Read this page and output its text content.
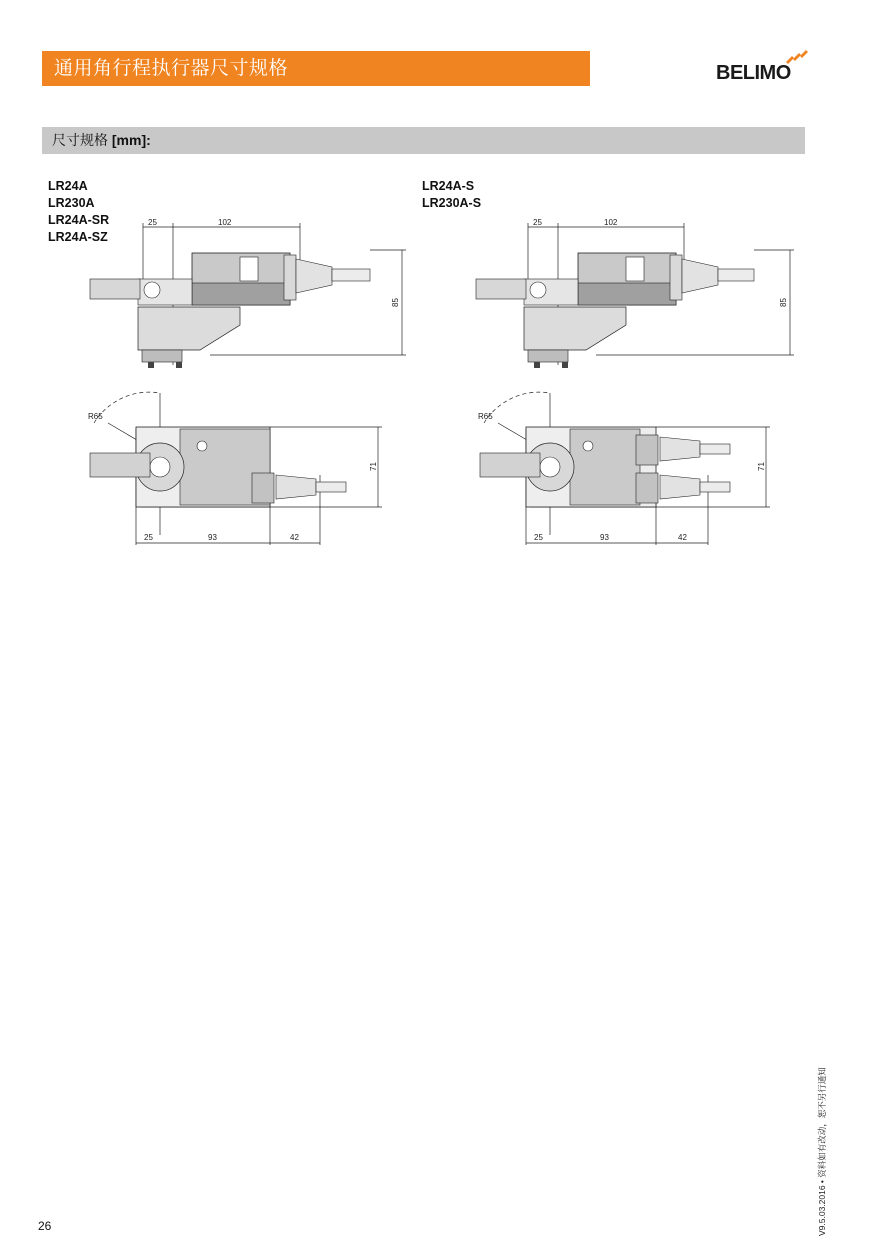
通用角行程执行器尺寸规格	BELIMO
尺寸规格 [mm]:
LR24A
LR230A
LR24A-SR
LR24A-SZ
25	102
85
R65
71
25	93	42
LR24A-S
LR230A-S
25	102
85
R65
71
25	93	42
26	V9.5.03.2016 • 资料如有改动，恕不另行通知
